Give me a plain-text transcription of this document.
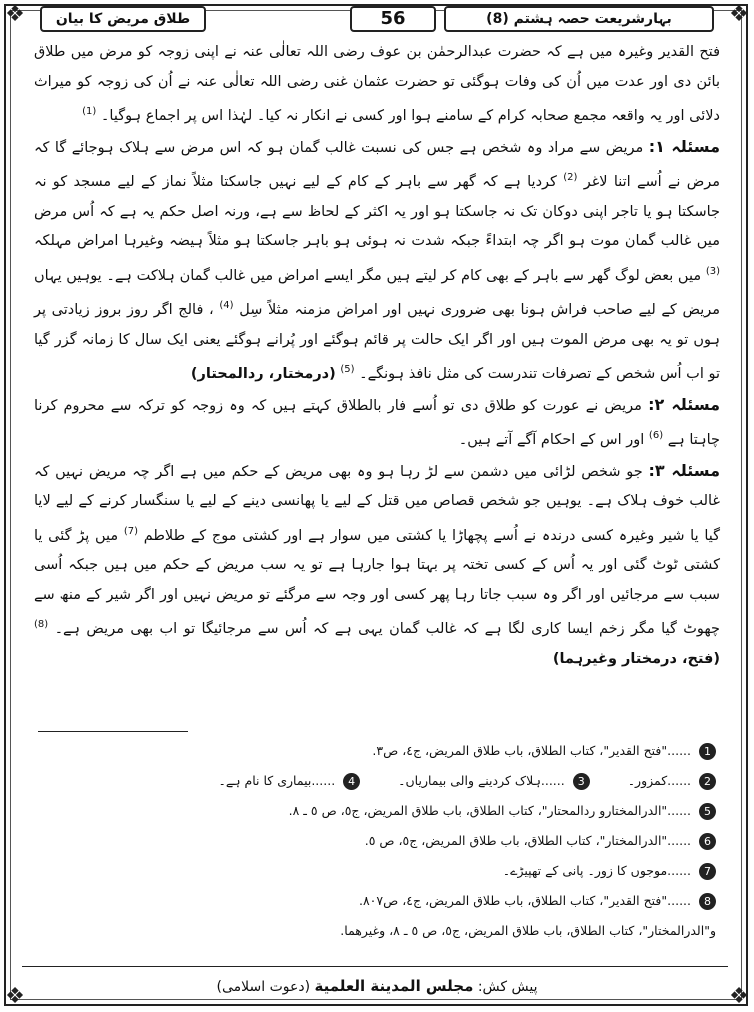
❖	❖
❖	❖
بہارشریعت حصہ ہشتم (8)
56
طلاق مریض کا بیان

فتح القدیر وغیرہ میں ہے کہ حضرت عبدالرحمٰن بن عوف رضی اللہ تعالٰی عنہ نے اپنی زوجہ کو مرض میں طلاق بائن دی اور عدت میں اُن کی وفات ہوگئی تو حضرت عثمان غنی رضی اللہ تعالٰی عنہ نے اُن کی زوجہ کو میراث دلائی اور یہ واقعہ مجمع صحابہ کرام کے سامنے ہوا اور کسی نے انکار نہ کیا۔ لہٰذا اس پر اجماع ہوگیا۔ $^{(1)}$

مسئلہ ۱: مریض سے مراد وہ شخص ہے جس کی نسبت غالب گمان ہو کہ اس مرض سے ہلاک ہوجائے گا کہ مرض نے اُسے اتنا لاغر $^{(2)}$ کردیا ہے کہ گھر سے باہر کے کام کے لیے نہیں جاسکتا مثلاً نماز کے لیے مسجد کو نہ جاسکتا ہو یا تاجر اپنی دوکان تک نہ جاسکتا ہو اور یہ اکثر کے لحاظ سے ہے، ورنہ اصل حکم یہ ہے کہ اُس مرض میں غالب گمان موت ہو اگر چہ ابتداءً جبکہ شدت نہ ہوئی ہو باہر جاسکتا ہو مثلاً ہیضہ وغیرہا امراض مہلکہ $^{(3)}$ میں بعض لوگ گھر سے باہر کے بھی کام کر لیتے ہیں مگر ایسے امراض میں غالب گمان ہلاکت ہے۔ یوہیں یہاں مریض کے لیے صاحب فراش ہونا بھی ضروری نہیں اور امراض مزمنہ مثلاً سِل $^{(4)}$ ، فالج اگر روز بروز زیادتی پر ہوں تو یہ بھی مرض الموت ہیں اور اگر ایک حالت پر قائم ہوگئے اور پُرانے ہوگئے یعنی ایک سال کا زمانہ گزر گیا تو اب اُس شخص کے تصرفات تندرست کی مثل نافذ ہونگے۔ $^{(5)}$ (درمختار، ردالمحتار)

مسئلہ ۲: مریض نے عورت کو طلاق دی تو اُسے فار بالطلاق کہتے ہیں کہ وہ زوجہ کو ترکہ سے محروم کرنا چاہتا ہے $^{(6)}$ اور اس کے احکام آگے آتے ہیں۔

مسئلہ ۳: جو شخص لڑائی میں دشمن سے لڑ رہا ہو وہ بھی مریض کے حکم میں ہے اگر چہ مریض نہیں کہ غالب خوف ہلاک ہے۔ یوہیں جو شخص قصاص میں قتل کے لیے یا پھانسی دینے کے لیے یا سنگسار کرنے کے لیے لایا گیا یا شیر وغیرہ کسی درندہ نے اُسے پچھاڑا یا کشتی میں سوار ہے اور کشتی موج کے طلاطم $^{(7)}$ میں پڑ گئی یا کشتی ٹوٹ گئی اور یہ اُس کے کسی تختہ پر بہتا ہوا جارہا ہے تو یہ سب مریض کے حکم میں ہیں جبکہ اُسی سبب سے مرجائیں اور اگر وہ سبب جاتا رہا پھر کسی اور وجہ سے مرگئے تو مریض نہیں اور اگر شیر کے منھ سے چھوٹ گیا مگر زخم ایسا کاری لگا ہے کہ غالب گمان یہی ہے کہ اُس سے مرجائیگا تو اب بھی مریض ہے۔ $^{(8)}$ (فتح، درمختار وغیرہما)

1 ......"فتح القدير"، كتاب الطلاق، باب طلاق المريض، ج٤، ص٣.
2 ......کمزور۔ 3 ......ہلاک کردینے والی بیماریاں۔ 4 ......بیماری کا نام ہے۔
5 ......"الدرالمختارو ردالمحتار"، كتاب الطلاق، باب طلاق المريض، ج٥، ص ٥ ـ ٨.
6 ......"الدرالمختار"، كتاب الطلاق، باب طلاق المريض، ج٥، ص ٥.
7 ......موجوں کا زور۔ پانی کے تھپیڑے۔
8 ......"فتح القدير"، كتاب الطلاق، باب طلاق المريض، ج٤، ص٨٠٧.
و"الدرالمختار"، كتاب الطلاق، باب طلاق المريض، ج٥، ص ٥ ـ ٨، وغيرهما.
پیش کش: مجلس المدينة العلمية (دعوت اسلامی)
